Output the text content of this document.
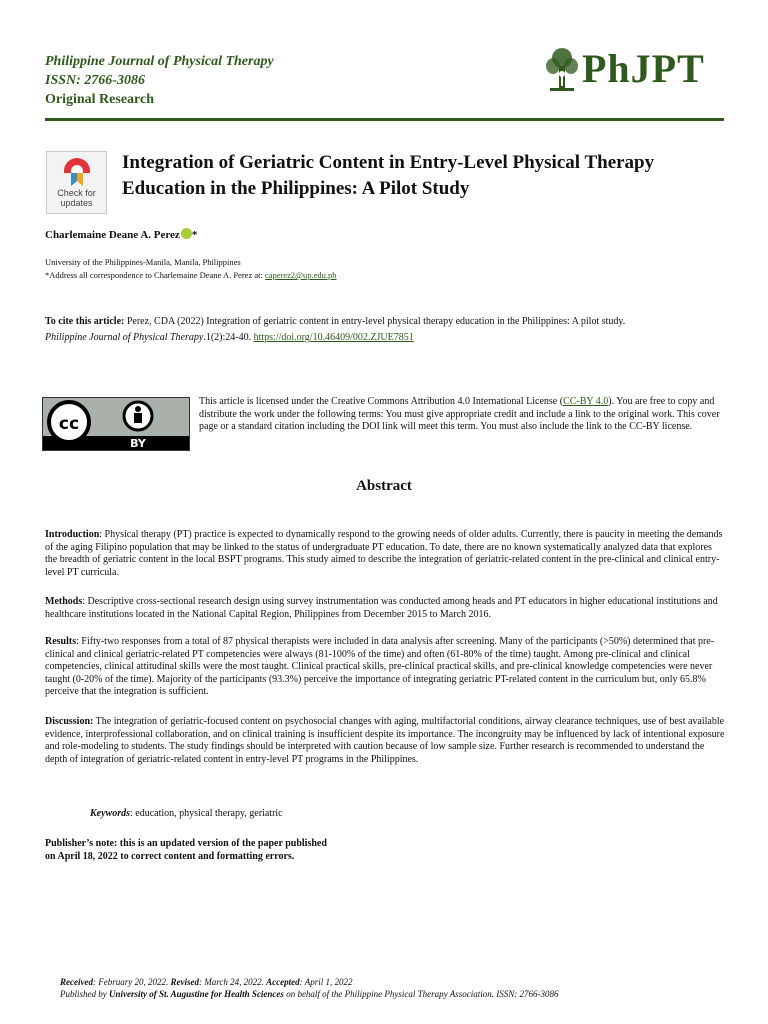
Philippine Journal of Physical Therapy
ISSN: 2766-3086
Original Research
PhJPT
Check for
updates
Integration of Geriatric Content in Entry-Level Physical Therapy Education in the Philippines: A Pilot Study
Charlemaine Deane A. Perez *
University of the Philippines-Manila, Manila, Philippines
*Address all correspondence to Charlemaine Deane A. Perez at: caperez2@up.edu.ph
To cite this article: Perez, CDA (2022) Integration of geriatric content in entry-level physical therapy education in the Philippines: A pilot study.
Philippine Journal of Physical Therapy.1(2):24-40. https://doi.org/10.46409/002.ZJUE7851
cc
BY
This article is licensed under the Creative Commons Attribution 4.0 International License (CC-BY 4.0). You are free to copy and distribute the work under the following terms: You must give appropriate credit and include a link to the original work. This cover page or a standard citation including the DOI link will meet this term. You must also include the link to the CC-BY license.
Abstract
Introduction: Physical therapy (PT) practice is expected to dynamically respond to the growing needs of older adults. Currently, there is paucity in meeting the demands of the aging Filipino population that may be linked to the status of undergraduate PT education. To date, there are no known systematically analyzed data that explores the breadth of geriatric content in the local BSPT programs. This study aimed to describe the integration of geriatric-related content in the pre-clinical and clinical entry-level PT curricula.
Methods: Descriptive cross-sectional research design using survey instrumentation was conducted among heads and PT educators in higher educational institutions and healthcare institutions located in the National Capital Region, Philippines from December 2015 to March 2016.
Results: Fifty-two responses from a total of 87 physical therapists were included in data analysis after screening. Many of the participants (>50%) determined that pre-clinical and clinical geriatric-related PT competencies were always (81-100% of the time) and often (61-80% of the time) taught. Among pre-clinical and clinical competencies, clinical attitudinal skills were the most taught. Clinical practical skills, pre-clinical practical skills, and pre-clinical knowledge competencies were never taught (0-20% of the time). Majority of the participants (93.3%) perceive the importance of integrating geriatric PT-related content in the curriculum but, only 65.8% perceive that the integration is sufficient.
Discussion: The integration of geriatric-focused content on psychosocial changes with aging, multifactorial conditions, airway clearance techniques, use of best available evidence, interprofessional collaboration, and on clinical training is insufficient despite its importance. The incongruity may be influenced by lack of intentional exposure and role-modeling to students. The study findings should be interpreted with caution because of low sample size. Further research is recommended to understand the depth of integration of geriatric-related content in entry-level PT programs in the Philippines.
Keywords: education, physical therapy, geriatric
Publisher’s note: this is an updated version of the paper published
on April 18, 2022 to correct content and formatting errors.
Received: February 20, 2022. Revised: March 24, 2022. Accepted: April 1, 2022
Published by University of St. Augustine for Health Sciences on behalf of the Philippine Physical Therapy Association. ISSN: 2766-3086
